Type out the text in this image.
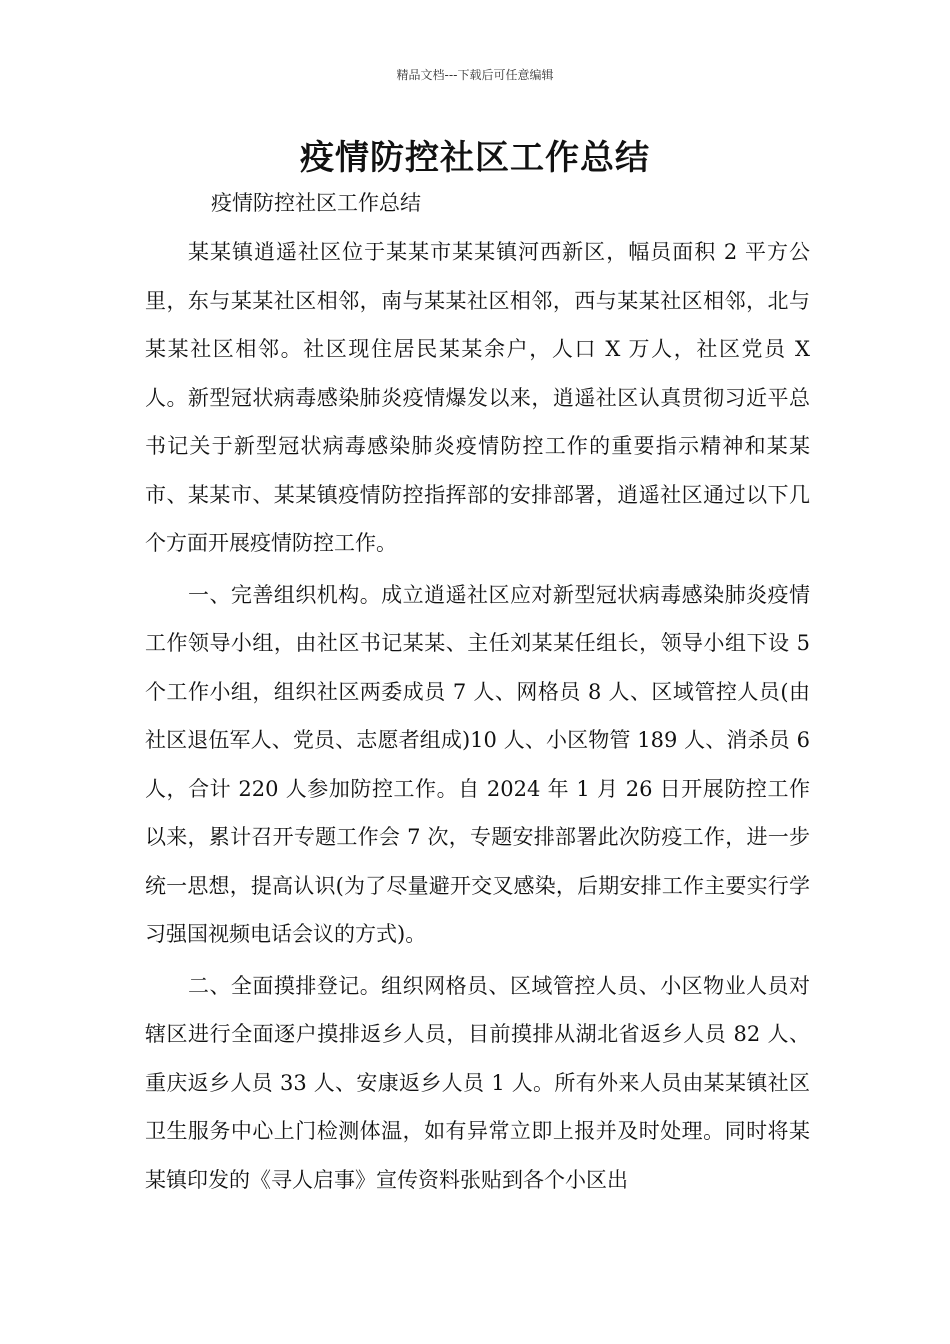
精品文档---下载后可任意编辑
疫情防控社区工作总结
疫情防控社区工作总结

某某镇逍遥社区位于某某市某某镇河西新区，幅员面积 2 平方公里，东与某某社区相邻，南与某某社区相邻，西与某某社区相邻，北与某某社区相邻。社区现住居民某某余户，人口 X 万人，社区党员 X 人。新型冠状病毒感染肺炎疫情爆发以来，逍遥社区认真贯彻习近平总书记关于新型冠状病毒感染肺炎疫情防控工作的重要指示精神和某某市、某某市、某某镇疫情防控指挥部的安排部署，逍遥社区通过以下几个方面开展疫情防控工作。

一、完善组织机构。成立逍遥社区应对新型冠状病毒感染肺炎疫情工作领导小组，由社区书记某某、主任刘某某任组长，领导小组下设 5 个工作小组，组织社区两委成员 7 人、网格员 8 人、区域管控人员(由社区退伍军人、党员、志愿者组成)10 人、小区物管 189 人、消杀员 6 人，合计 220 人参加防控工作。自 2024 年 1 月 26 日开展防控工作以来，累计召开专题工作会 7 次，专题安排部署此次防疫工作，进一步统一思想，提高认识(为了尽量避开交叉感染，后期安排工作主要实行学习强国视频电话会议的方式)。

二、全面摸排登记。组织网格员、区域管控人员、小区物业人员对辖区进行全面逐户摸排返乡人员，目前摸排从湖北省返乡人员 82 人、重庆返乡人员 33 人、安康返乡人员 1 人。所有外来人员由某某镇社区卫生服务中心上门检测体温，如有异常立即上报并及时处理。同时将某某镇印发的《寻人启事》宣传资料张贴到各个小区出
